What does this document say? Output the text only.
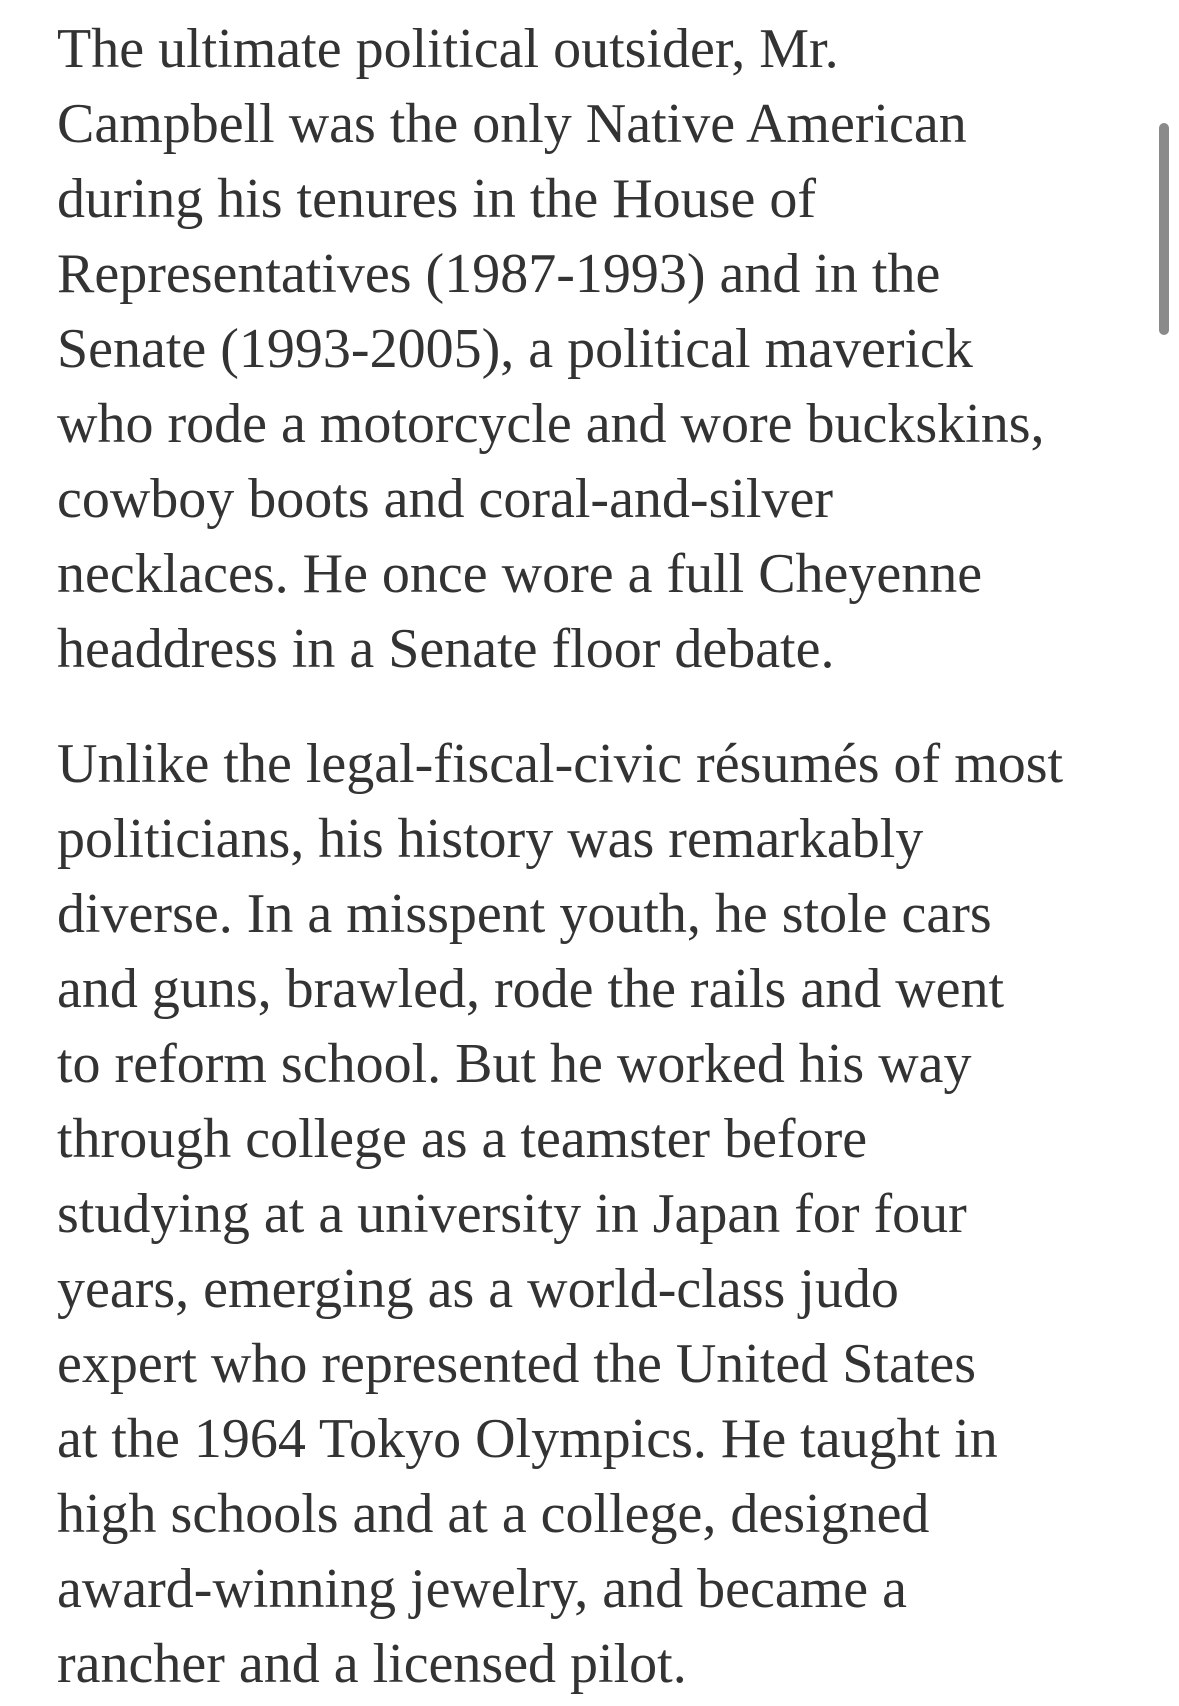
The ultimate political outsider, Mr.
Campbell was the only Native American
during his tenures in the House of
Representatives (1987-1993) and in the
Senate (1993-2005), a political maverick
who rode a motorcycle and wore buckskins,
cowboy boots and coral-and-silver
necklaces. He once wore a full Cheyenne
headdress in a Senate floor debate.

Unlike the legal-fiscal-civic résumés of most
politicians, his history was remarkably
diverse. In a misspent youth, he stole cars
and guns, brawled, rode the rails and went
to reform school. But he worked his way
through college as a teamster before
studying at a university in Japan for four
years, emerging as a world-class judo
expert who represented the United States
at the 1964 Tokyo Olympics. He taught in
high schools and at a college, designed
award-winning jewelry, and became a
rancher and a licensed pilot.
